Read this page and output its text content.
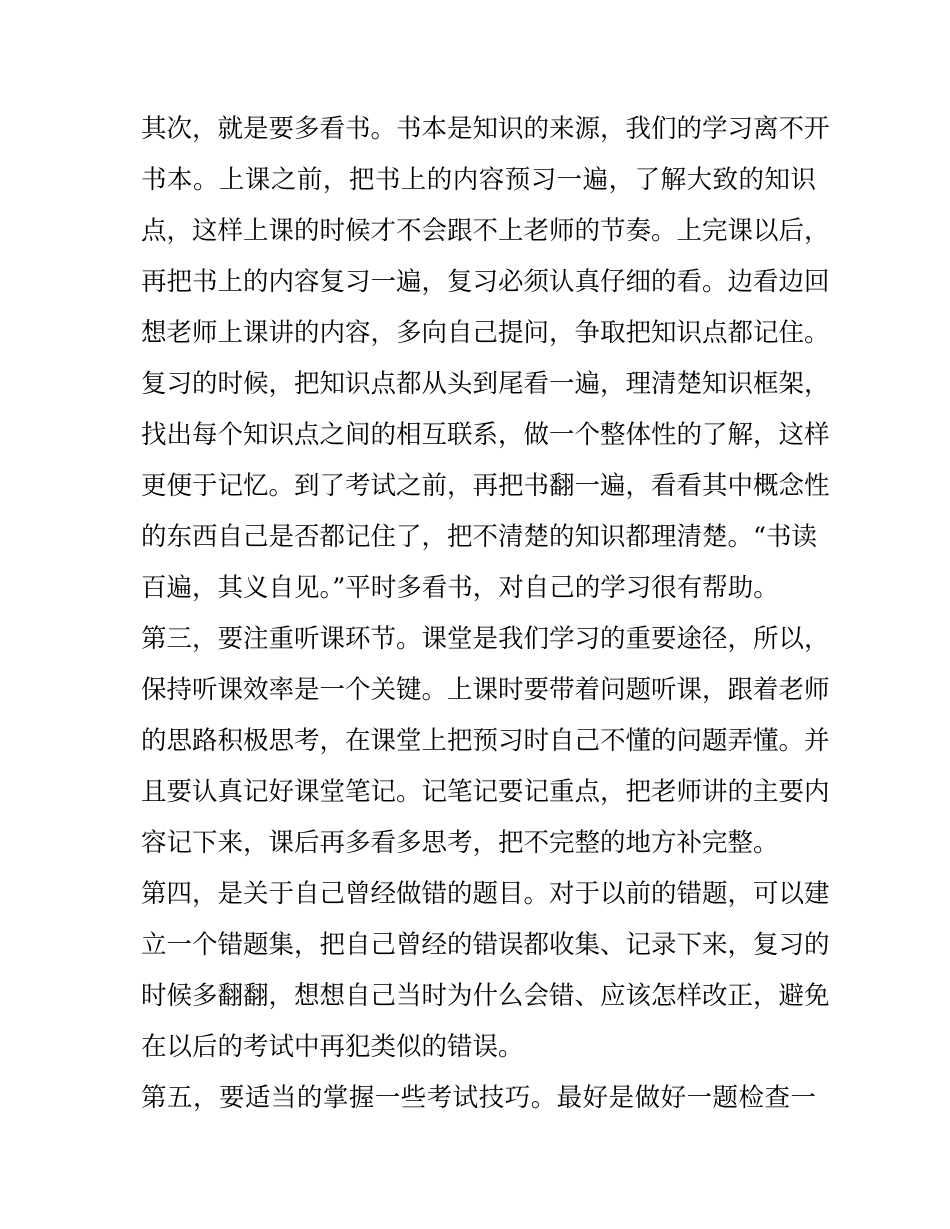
其次，就是要多看书。书本是知识的来源，我们的学习离不开
书本。上课之前，把书上的内容预习一遍，了解大致的知识
点，这样上课的时候才不会跟不上老师的节奏。上完课以后，
再把书上的内容复习一遍，复习必须认真仔细的看。边看边回
想老师上课讲的内容，多向自己提问，争取把知识点都记住。
复习的时候，把知识点都从头到尾看一遍，理清楚知识框架，
找出每个知识点之间的相互联系，做一个整体性的了解，这样
更便于记忆。到了考试之前，再把书翻一遍，看看其中概念性
的东西自己是否都记住了，把不清楚的知识都理清楚。“书读
百遍，其义自见。”平时多看书，对自己的学习很有帮助。
第三，要注重听课环节。课堂是我们学习的重要途径，所以，
保持听课效率是一个关键。上课时要带着问题听课，跟着老师
的思路积极思考，在课堂上把预习时自己不懂的问题弄懂。并
且要认真记好课堂笔记。记笔记要记重点，把老师讲的主要内
容记下来，课后再多看多思考，把不完整的地方补完整。
第四，是关于自己曾经做错的题目。对于以前的错题，可以建
立一个错题集，把自己曾经的错误都收集、记录下来，复习的
时候多翻翻，想想自己当时为什么会错、应该怎样改正，避免
在以后的考试中再犯类似的错误。
第五，要适当的掌握一些考试技巧。最好是做好一题检查一
